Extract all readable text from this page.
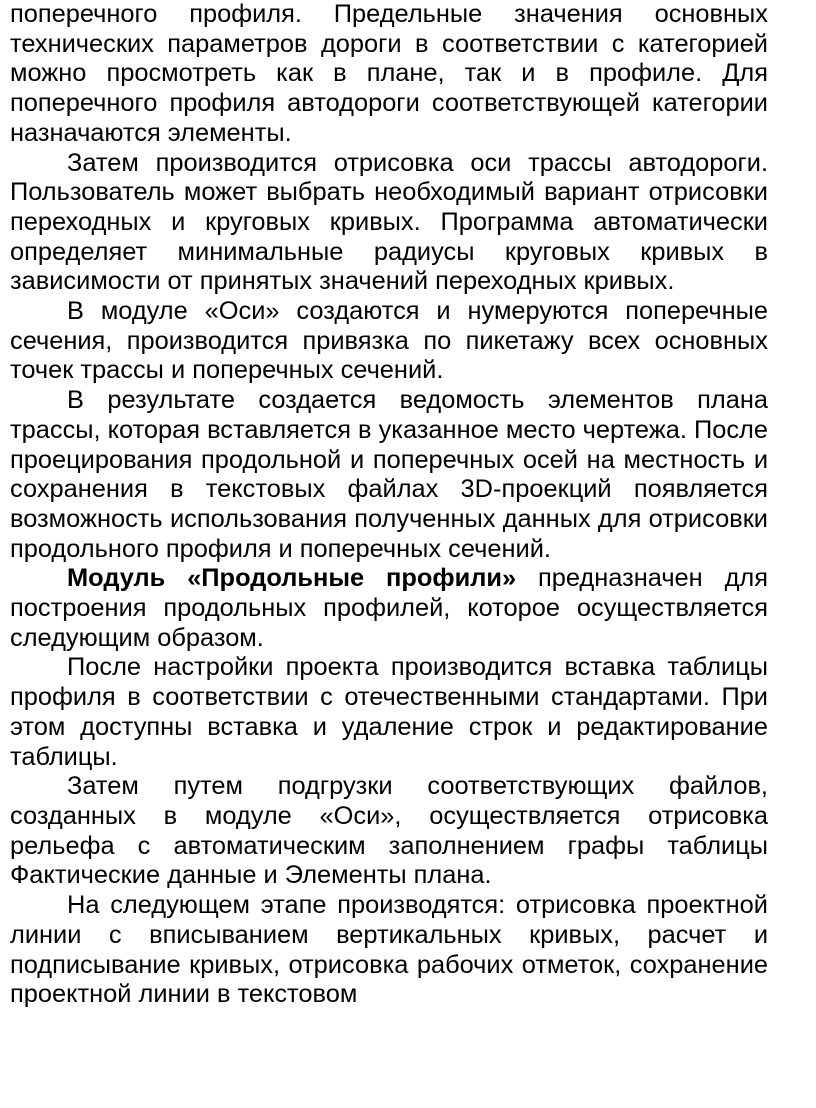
поперечного профиля. Предельные значения основных технических параметров дороги в соответствии с категорией можно просмотреть как в плане, так и в профиле. Для поперечного профиля автодороги соответствующей категории назначаются элементы.

Затем производится отрисовка оси трассы автодороги. Пользователь может выбрать необходимый вариант отрисовки переходных и круговых кривых. Программа автоматически определяет минимальные радиусы круговых кривых в зависимости от принятых значений переходных кривых.

В модуле «Оси» создаются и нумеруются поперечные сечения, производится привязка по пикетажу всех основных точек трассы и поперечных сечений.

В результате создается ведомость элементов плана трассы, которая вставляется в указанное место чертежа. После проецирования продольной и поперечных осей на местность и сохранения в текстовых файлах 3D-проекций появляется возможность использования полученных данных для отрисовки продольного профиля и поперечных сечений.

Модуль «Продольные профили» предназначен для построения продольных профилей, которое осуществляется следующим образом.

После настройки проекта производится вставка таблицы профиля в соответствии с отечественными стандартами. При этом доступны вставка и удаление строк и редактирование таблицы.

Затем путем подгрузки соответствующих файлов, созданных в модуле «Оси», осуществляется отрисовка рельефа с автоматическим заполнением графы таблицы Фактические данные и Элементы плана.

На следующем этапе производятся: отрисовка проектной линии с вписыванием вертикальных кривых, расчет и подписывание кривых, отрисовка рабочих отметок, сохранение проектной линии в текстовом
